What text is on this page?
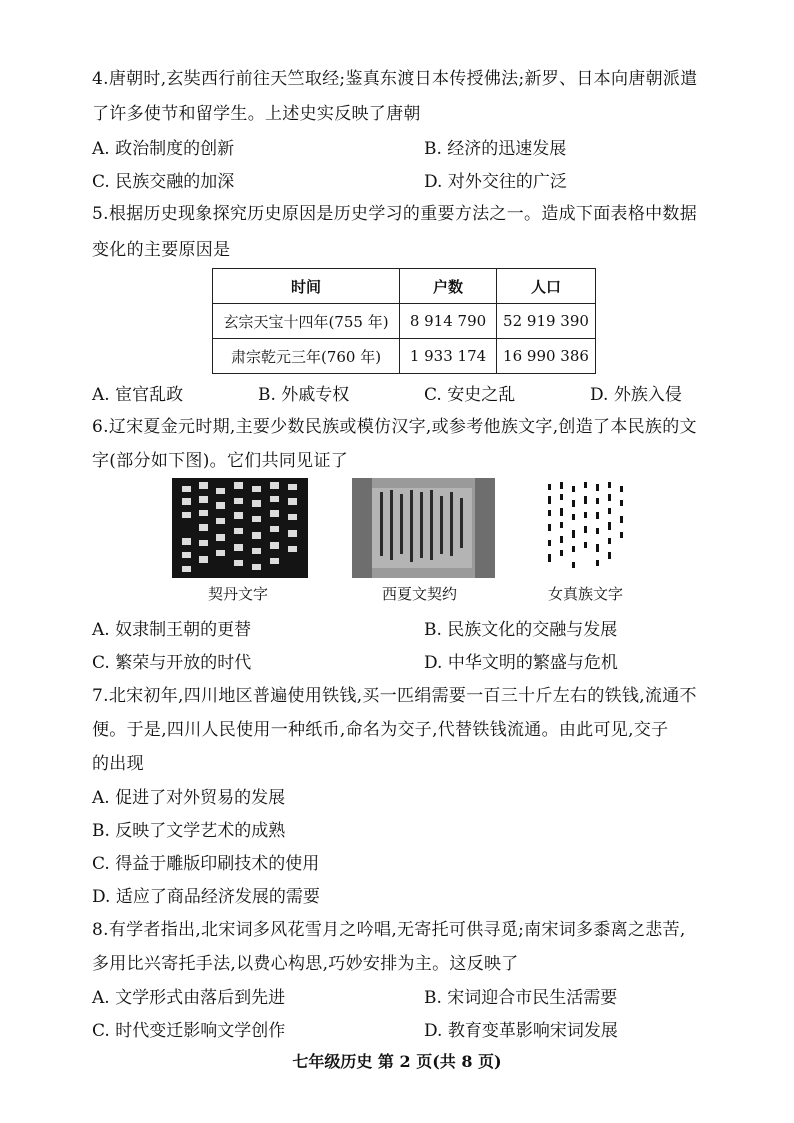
4.唐朝时,玄奘西行前往天竺取经;鉴真东渡日本传授佛法;新罗、日本向唐朝派遣
了许多使节和留学生。上述史实反映了唐朝
A. 政治制度的创新	B. 经济的迅速发展
C. 民族交融的加深	D. 对外交往的广泛
5.根据历史现象探究历史原因是历史学习的重要方法之一。造成下面表格中数据
变化的主要原因是
时间	户数	人口
玄宗天宝十四年(755 年)	8 914 790	52 919 390
肃宗乾元三年(760 年)	1 933 174	16 990 386
A. 宦官乱政	B. 外戚专权	C. 安史之乱	D. 外族入侵
6.辽宋夏金元时期,主要少数民族或模仿汉字,或参考他族文字,创造了本民族的文
字(部分如下图)。它们共同见证了
契丹文字	西夏文契约	女真族文字
A. 奴隶制王朝的更替	B. 民族文化的交融与发展
C. 繁荣与开放的时代	D. 中华文明的繁盛与危机
7.北宋初年,四川地区普遍使用铁钱,买一匹绢需要一百三十斤左右的铁钱,流通不
便。于是,四川人民使用一种纸币,命名为交子,代替铁钱流通。由此可见,交子
的出现
A. 促进了对外贸易的发展
B. 反映了文学艺术的成熟
C. 得益于雕版印刷技术的使用
D. 适应了商品经济发展的需要
8.有学者指出,北宋词多风花雪月之吟唱,无寄托可供寻觅;南宋词多黍离之悲苦,
多用比兴寄托手法,以费心构思,巧妙安排为主。这反映了
A. 文学形式由落后到先进	B. 宋词迎合市民生活需要
C. 时代变迁影响文学创作	D. 教育变革影响宋词发展
七年级历史 第 2 页(共 8 页)
